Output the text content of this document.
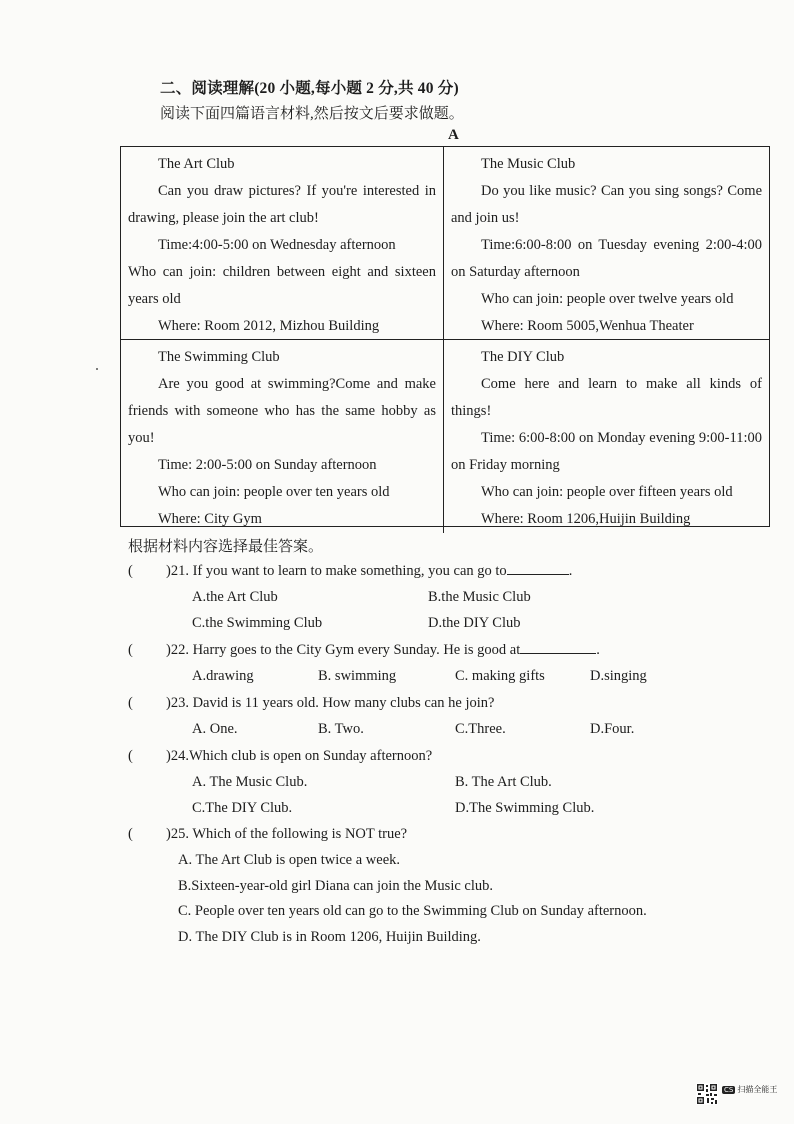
二、阅读理解(20 小题,每小题 2 分,共 40 分)
阅读下面四篇语言材料,然后按文后要求做题。
A

The Art Club

Can you draw pictures? If you're interested in drawing, please join the art club!

Time:4:00-5:00 on Wednesday afternoon

Who can join: children between eight and sixteen years old

Where: Room 2012, Mizhou Building

The Music Club

Do you like music? Can you sing songs? Come and join us!

Time:6:00-8:00 on Tuesday evening 2:00-4:00 on Saturday afternoon

Who can join: people over twelve years old

Where: Room 5005,Wenhua Theater

The Swimming Club

Are you good at swimming?Come and make friends with someone who has the same hobby as you!

Time: 2:00-5:00 on Sunday afternoon

Who can join: people over ten years old

Where: City Gym

The DIY Club

Come here and learn to make all kinds of things!

Time: 6:00-8:00 on Monday evening 9:00-11:00 on Friday morning

Who can join: people over fifteen years old

Where: Room 1206,Huijin Building

根据材料内容选择最佳答案。
( )21. If you want to learn to make something, you can go to	.
A.the Art Club	B.the Music Club
C.the Swimming Club	D.the DIY Club
( )22. Harry goes to the City Gym every Sunday. He is good at	.
A.drawing	B. swimming	C. making gifts	D.singing
( )23. David is 11 years old. How many clubs can he join?
A. One.	B. Two.	C.Three.	D.Four.
( )24.Which club is open on Sunday afternoon?
A. The Music Club.	B. The Art Club.
C.The DIY Club.	D.The Swimming Club.
( )25. Which of the following is NOT true?
A. The Art Club is open twice a week.
B.Sixteen-year-old girl Diana can join the Music club.
C. People over ten years old can go to the Swimming Club on Sunday afternoon.
D. The DIY Club is in Room 1206, Huijin Building.
CS 扫描全能王
